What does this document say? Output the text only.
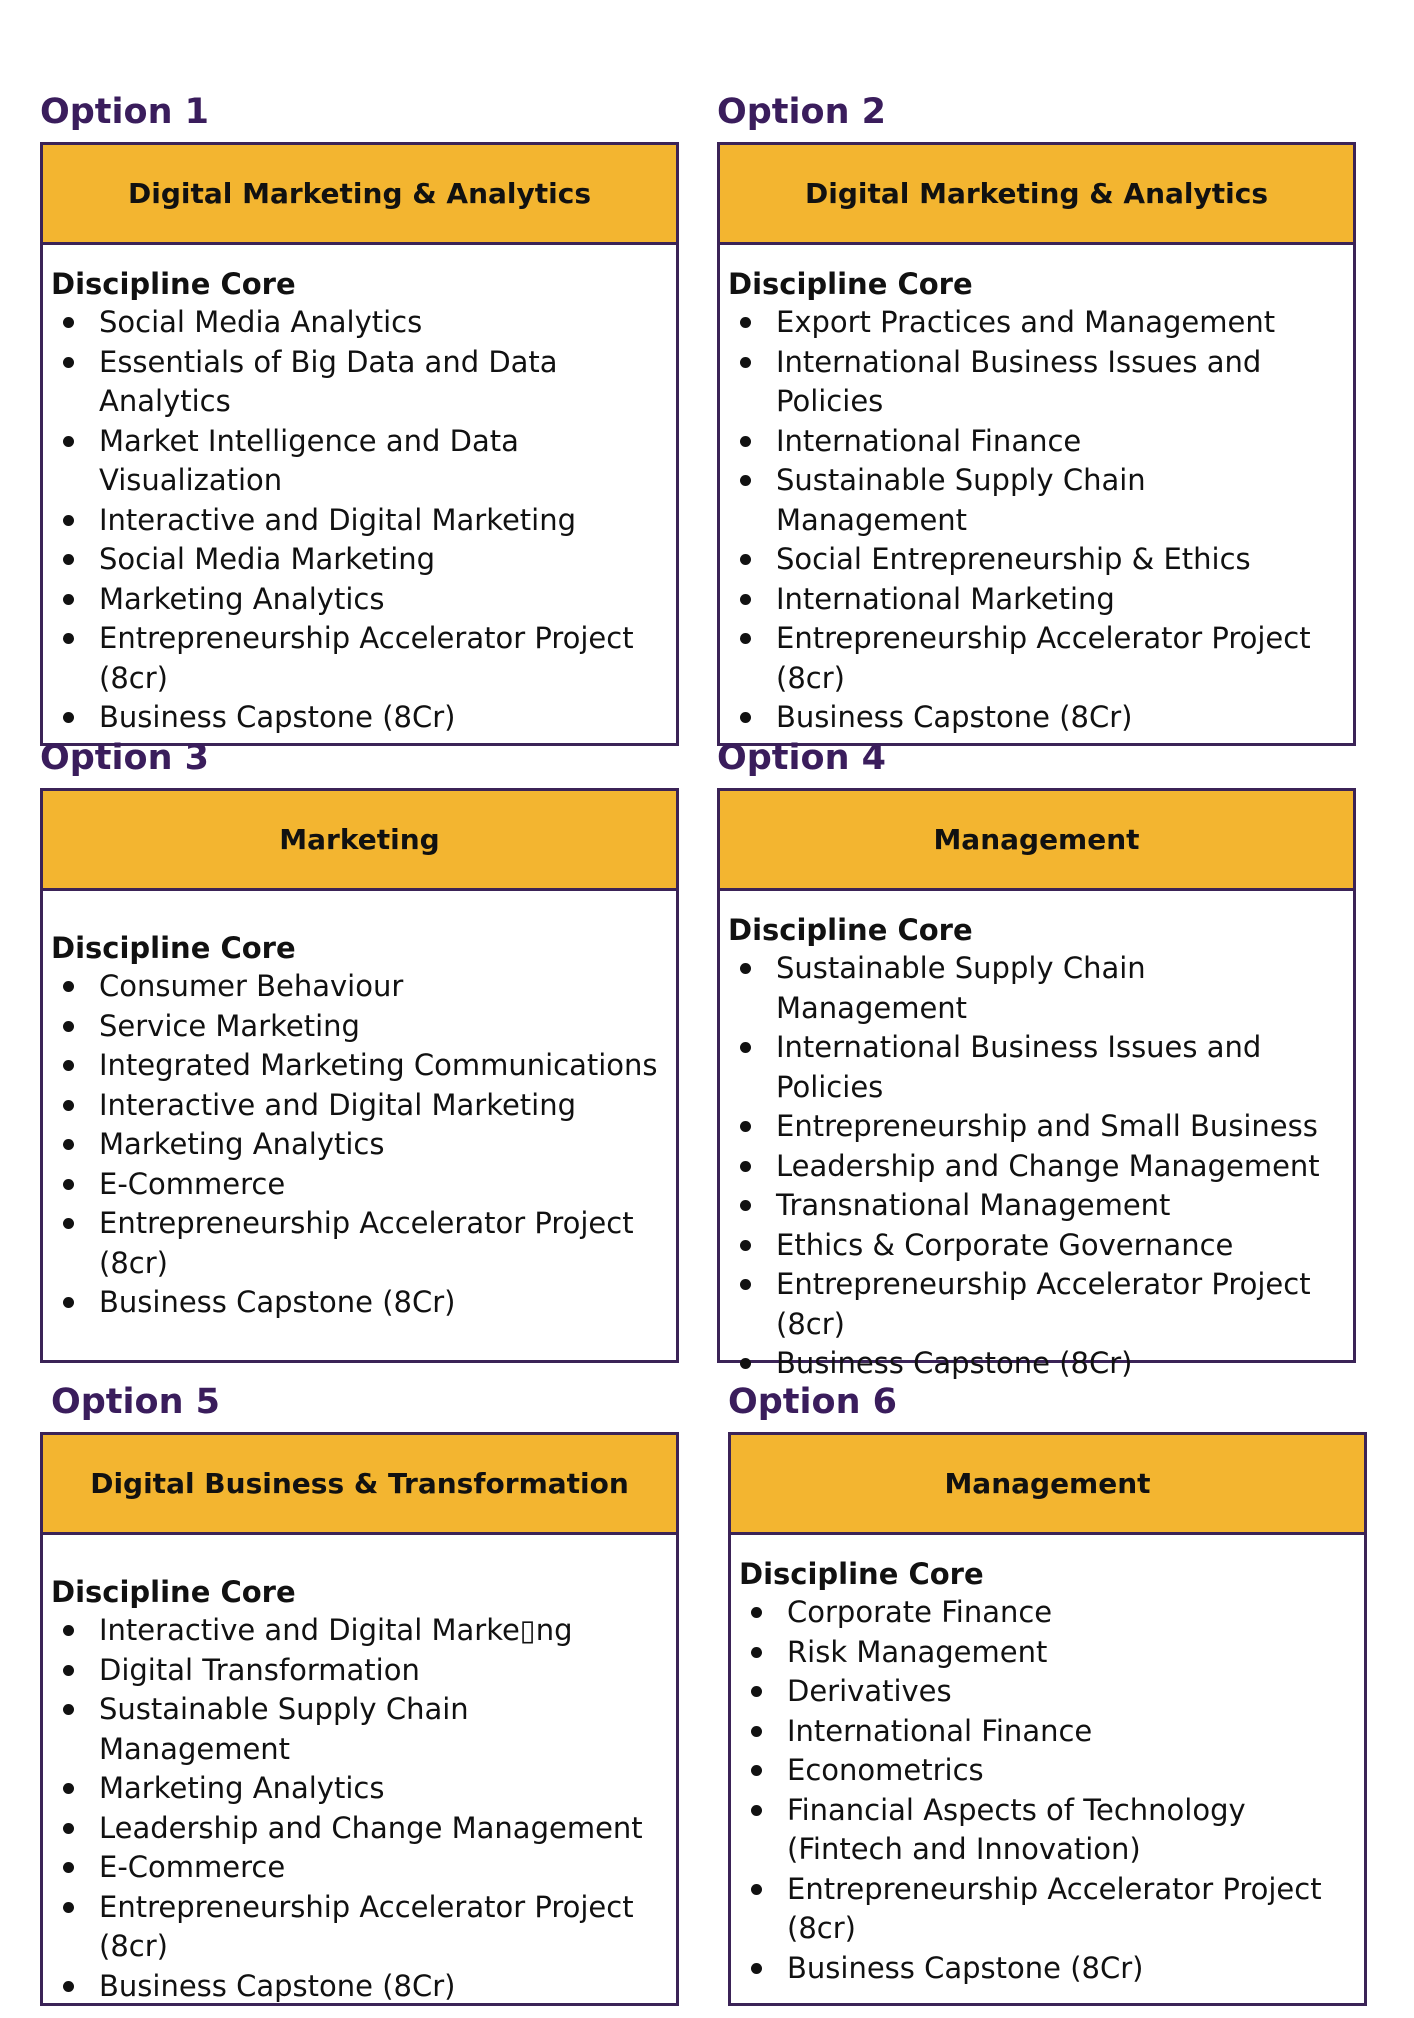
Option 1
Digital Marketing & Analytics
Discipline Core
Social Media Analytics
Essentials of Big Data and Data Analytics
Market Intelligence and Data Visualization
Interactive and Digital Marketing
Social Media Marketing
Marketing Analytics
Entrepreneurship Accelerator Project (8cr)
Business Capstone (8Cr)
Option 2
Digital Marketing & Analytics
Discipline Core
Export Practices and Management
International Business Issues and Policies
International Finance
Sustainable Supply Chain Management
Social Entrepreneurship & Ethics
International Marketing
Entrepreneurship Accelerator Project (8cr)
Business Capstone (8Cr)
Option 3
Marketing
Discipline Core
Consumer Behaviour
Service Marketing
Integrated Marketing Communications
Interactive and Digital Marketing
Marketing Analytics
E-Commerce
Entrepreneurship Accelerator Project (8cr)
Business Capstone (8Cr)
Option 4
Management
Discipline Core
Sustainable Supply Chain Management
International Business Issues and Policies
Entrepreneurship and Small Business
Leadership and Change Management
Transnational Management
Ethics & Corporate Governance
Entrepreneurship Accelerator Project (8cr)
Business Capstone (8Cr)
Option 5
Digital Business & Transformation
Discipline Core
Interactive and Digital Marke▯ng
Digital Transformation
Sustainable Supply Chain Management
Marketing Analytics
Leadership and Change Management
E-Commerce
Entrepreneurship Accelerator Project (8cr)
Business Capstone (8Cr)
Option 6
Management
Discipline Core
Corporate Finance
Risk Management
Derivatives
International Finance
Econometrics
Financial Aspects of Technology (Fintech and Innovation)
Entrepreneurship Accelerator Project (8cr)
Business Capstone (8Cr)
